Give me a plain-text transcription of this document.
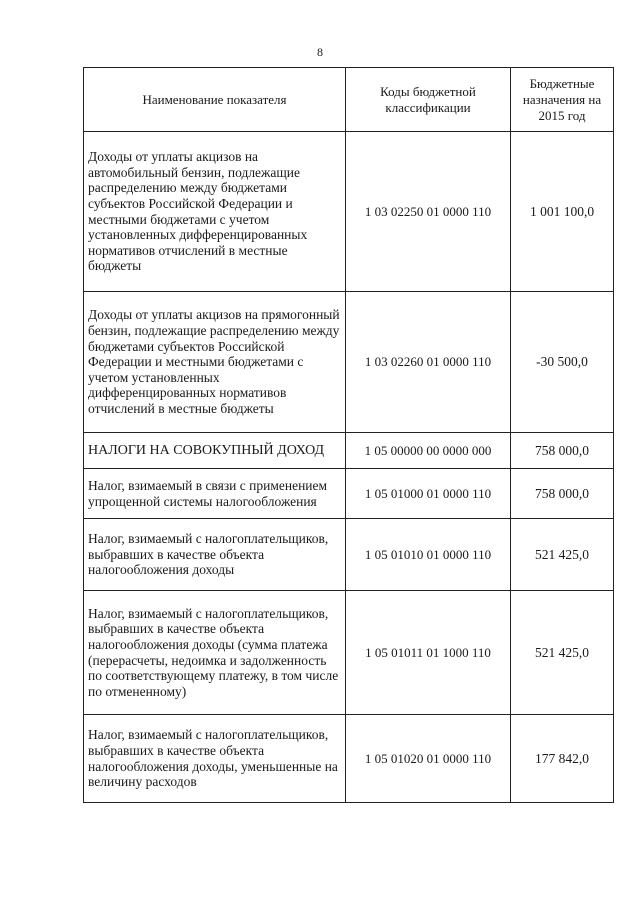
8
Наименование показателя	Коды бюджетной классификации	Бюджетные назначения на 2015 год
Доходы от уплаты акцизов на автомобильный бензин, подлежащие распределению между бюджетами субъектов Российской Федерации и местными бюджетами с учетом установленных дифференцированных нормативов отчислений в местные бюджеты	1 03 02250 01 0000 110	1 001 100,0
Доходы от уплаты акцизов на прямогонный бензин, подлежащие распределению между бюджетами субъектов Российской Федерации и местными бюджетами с учетом установленных дифференцированных нормативов отчислений в местные бюджеты	1 03 02260 01 0000 110	-30 500,0
НАЛОГИ НА СОВОКУПНЫЙ ДОХОД	1 05 00000 00 0000 000	758 000,0
Налог, взимаемый в связи с применением упрощенной системы налогообложения	1 05 01000 01 0000 110	758 000,0
Налог, взимаемый с налогоплательщиков, выбравших в качестве объекта налогообложения доходы	1 05 01010 01 0000 110	521 425,0
Налог, взимаемый с налогоплательщиков, выбравших в качестве объекта налогообложения доходы (сумма платежа (перерасчеты, недоимка и задолженность по соответствующему платежу, в том числе по отмененному)	1 05 01011 01 1000 110	521 425,0
Налог, взимаемый с налогоплательщиков, выбравших в качестве объекта налогообложения доходы, уменьшенные на величину расходов	1 05 01020 01 0000 110	177 842,0
